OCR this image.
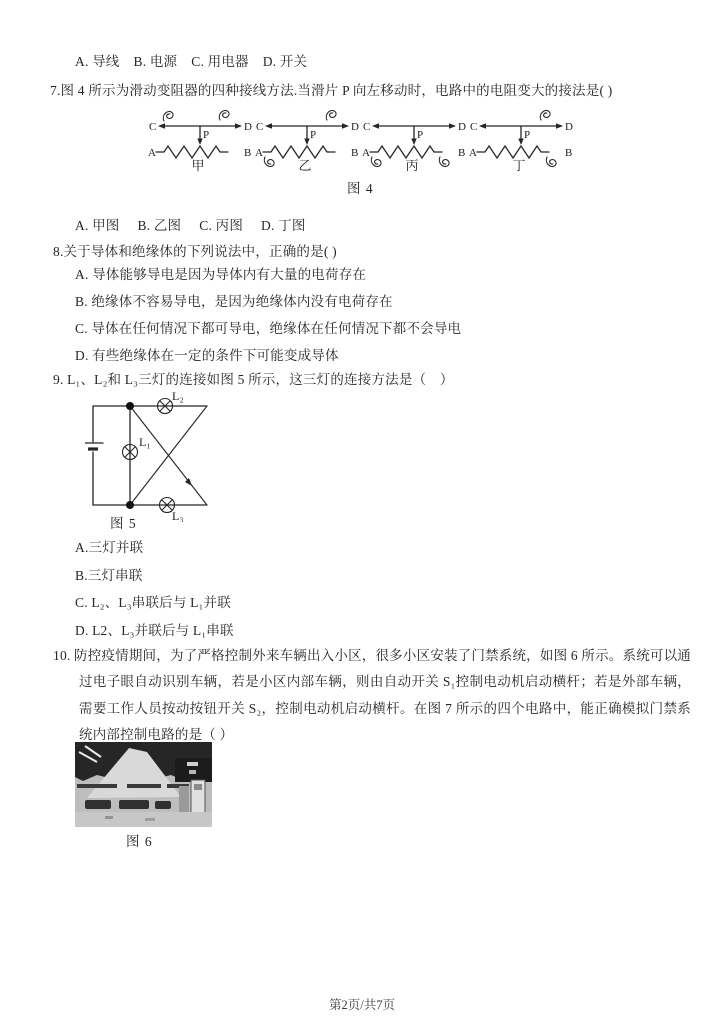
A. 导线 B. 电源 C. 用电器 D. 开关
7.图 4 所示为滑动变阻器的四种接线方法.当滑片 P 向左移动时，电路中的电阻变大的接法是( )
C	D
P
A	B
甲
C	D
P
A	B
乙
C	D
P
A	B
丙
C	D
P
A	B
丁
图 4
A. 甲图 B. 乙图 C. 丙图 D. 丁图
8.关于导体和绝缘体的下列说法中，正确的是( )
A. 导体能够导电是因为导体内有大量的电荷存在
B. 绝缘体不容易导电，是因为绝缘体内没有电荷存在
C. 导体在任何情况下都可导电，绝缘体在任何情况下都不会导电
D. 有些绝缘体在一定的条件下可能变成导体
9. L₁、L₂和 L₃三灯的连接如图 5 所示，这三灯的连接方法是（　）
L₂
L₁
L₃
图 5
A.三灯并联
B.三灯串联
C. L₂、L₃串联后与 L₁并联
D. L2、L₃并联后与 L₁串联
10. 防控疫情期间，为了严格控制外来车辆出入小区，很多小区安装了门禁系统，如图 6 所示。系统可以通过电子眼自动识别车辆，若是小区内部车辆，则由自动开关 S₁控制电动机启动横杆；若是外部车辆，需要工作人员按动按钮开关 S₂，控制电动机启动横杆。在图 7 所示的四个电路中，能正确模拟门禁系统内部控制电路的是（ ）
图 6
第2页/共7页
